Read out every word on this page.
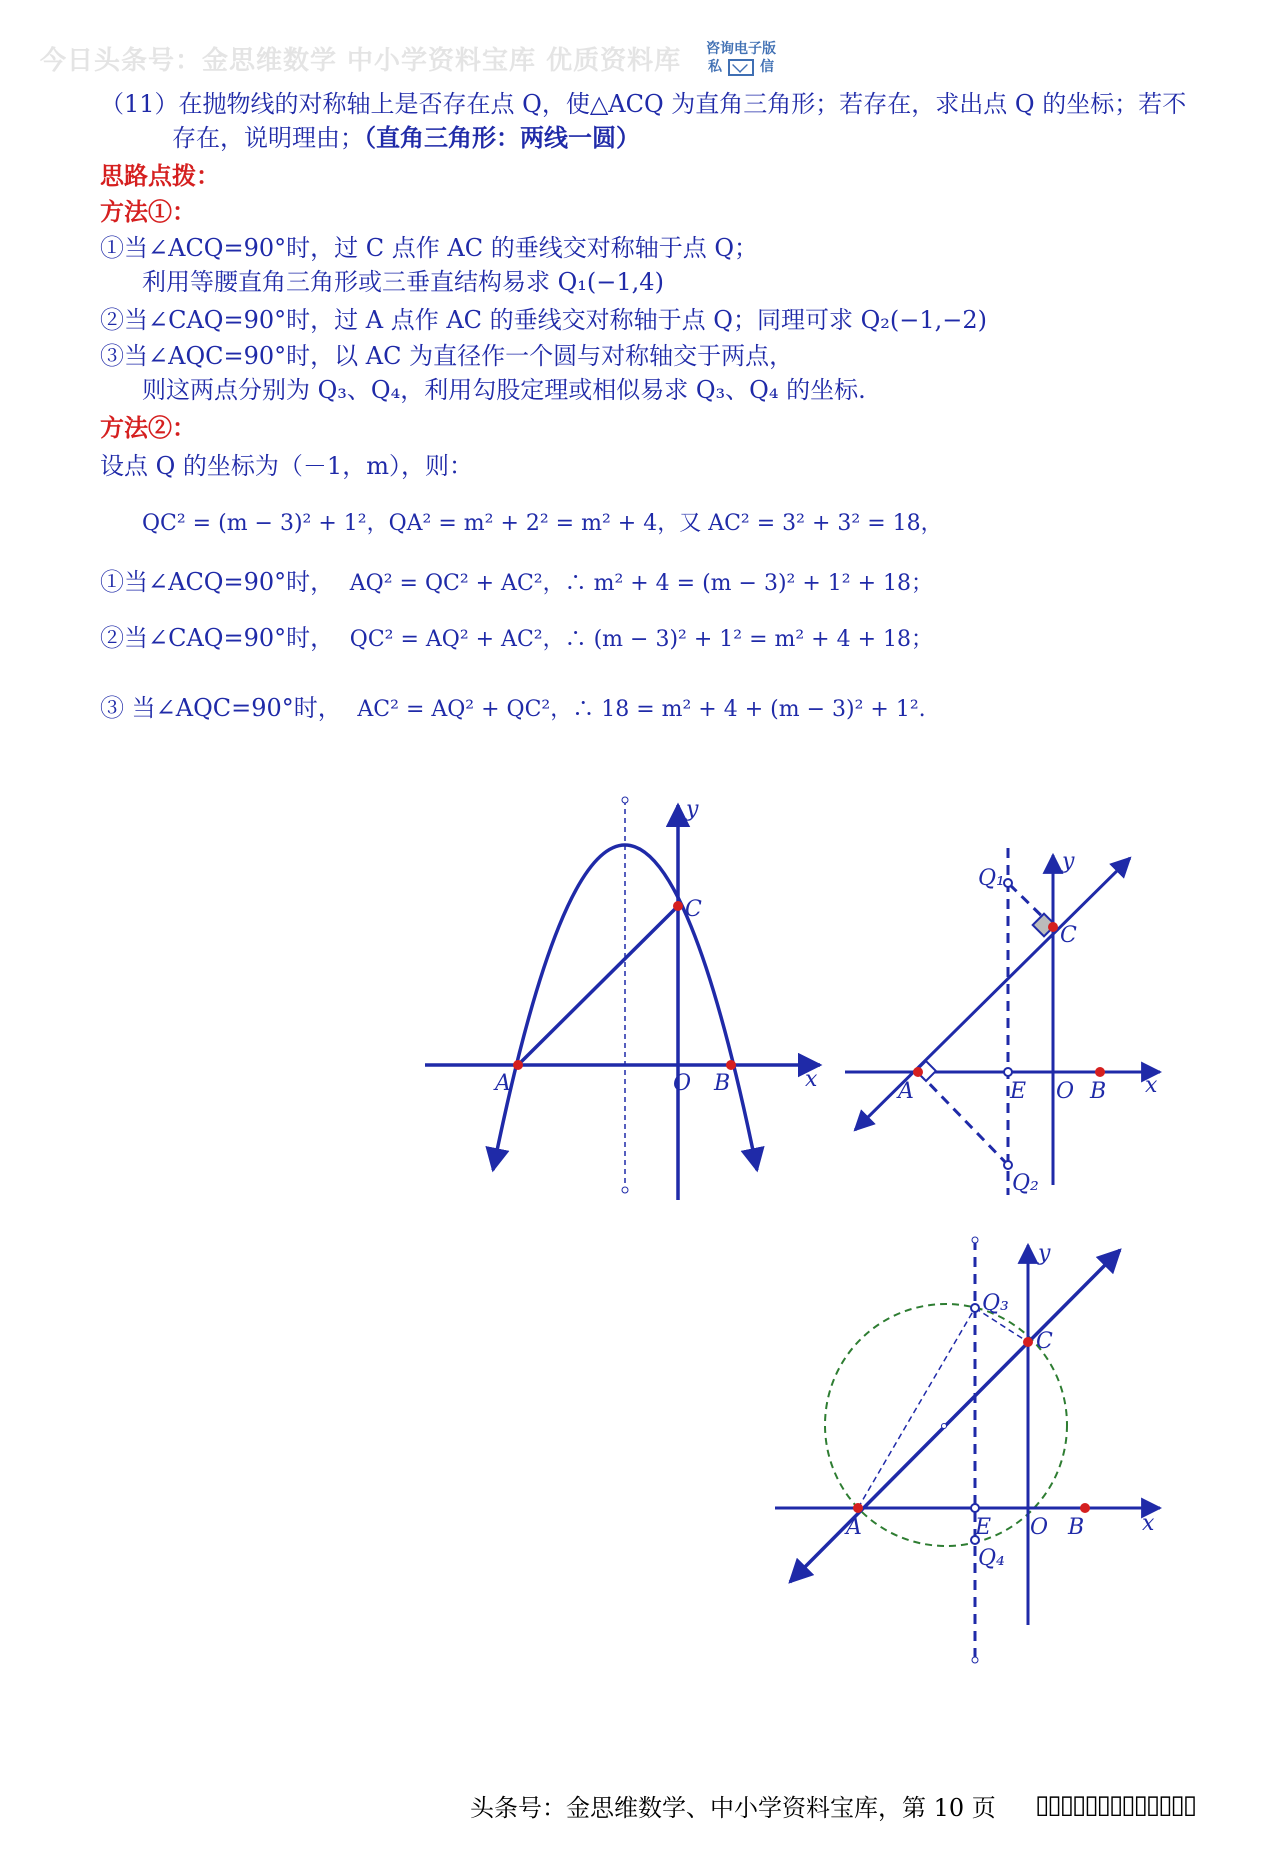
今日头条号：金思维数学 中小学资料宝库 优质资料库	咨询电子版
私	信
（11）在抛物线的对称轴上是否存在点 Q，使△ACQ 为直角三角形；若存在，求出点 Q 的坐标；若不
存在，说明理由；（直角三角形：两线一圆）
思路点拨：
方法①：
①当∠ACQ=90°时，过 C 点作 AC 的垂线交对称轴于点 Q；
利用等腰直角三角形或三垂直结构易求 Q₁(−1,4)
②当∠CAQ=90°时，过 A 点作 AC 的垂线交对称轴于点 Q；同理可求 Q₂(−1,−2)
③当∠AQC=90°时，以 AC 为直径作一个圆与对称轴交于两点，
则这两点分别为 Q₃、Q₄，利用勾股定理或相似易求 Q₃、Q₄ 的坐标.
方法②：
设点 Q 的坐标为（－1，m），则：
QC² = (m − 3)² + 1²，QA² = m² + 2² = m² + 4，又 AC² = 3² + 3² = 18，
①当∠ACQ=90°时， AQ² = QC² + AC²，∴ m² + 4 = (m − 3)² + 1² + 18；
②当∠CAQ=90°时， QC² = AQ² + AC²，∴ (m − 3)² + 1² = m² + 4 + 18；
③ 当∠AQC=90°时， AC² = AQ² + QC²，∴ 18 = m² + 4 + (m − 3)² + 1².
A	B
C
O
y
x
Q₁
Q₂
A
C
E O B
y
x
Q₃
Q₄
A
C
E O B
y
x
头条号：金思维数学、中小学资料宝库，第 10 页 ▯▯▯▯▯▯▯▯▯▯▯▯▯
